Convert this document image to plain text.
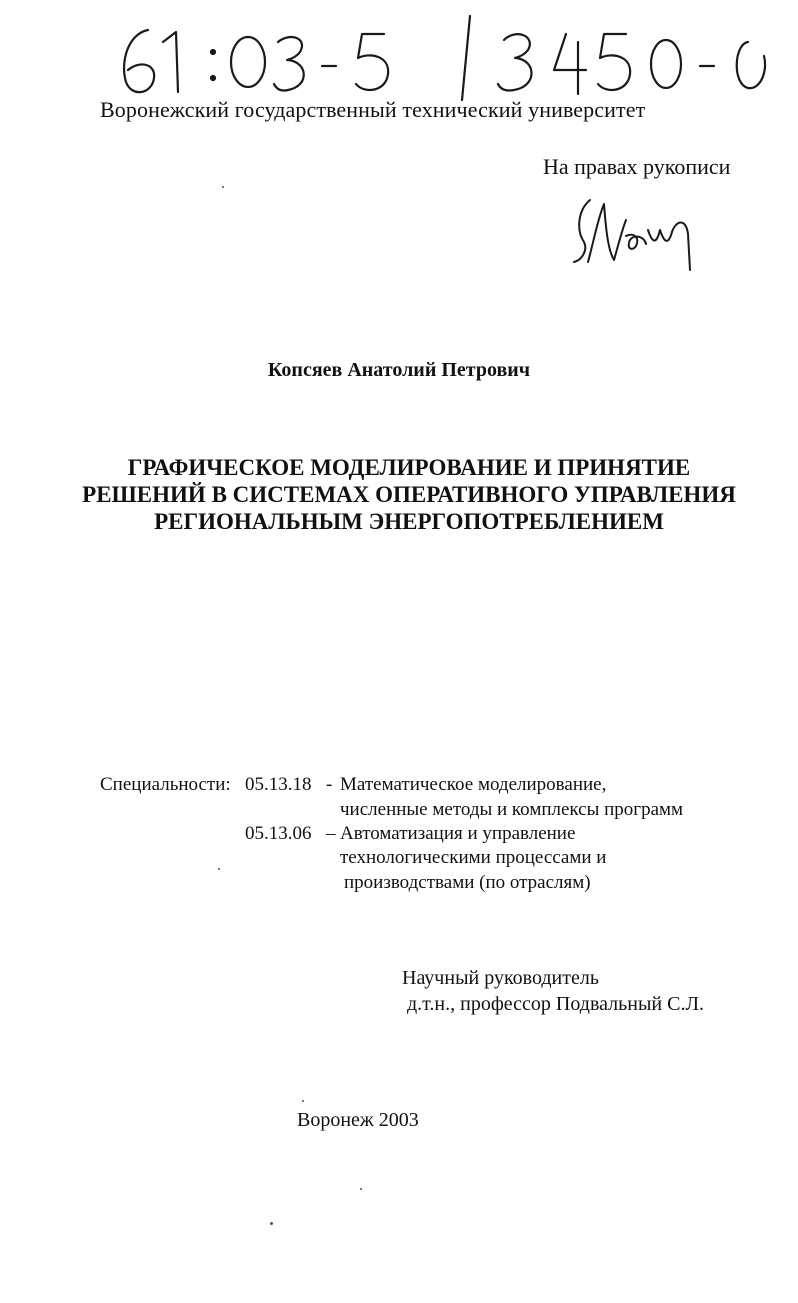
Воронежский государственный технический университет
На правах рукописи
Копсяев Анатолий Петрович
ГРАФИЧЕСКОЕ МОДЕЛИРОВАНИЕ И ПРИНЯТИЕ
РЕШЕНИЙ В СИСТЕМАХ ОПЕРАТИВНОГО УПРАВЛЕНИЯ
РЕГИОНАЛЬНЫМ ЭНЕРГОПОТРЕБЛЕНИЕМ
Специальности: 05.13.18 - Математическое моделирование,
численные методы и комплексы программ
05.13.06 – Автоматизация и управление
технологическими процессами и
производствами (по отраслям)
Научный руководитель
д.т.н., профессор Подвальный С.Л.
Воронеж 2003
